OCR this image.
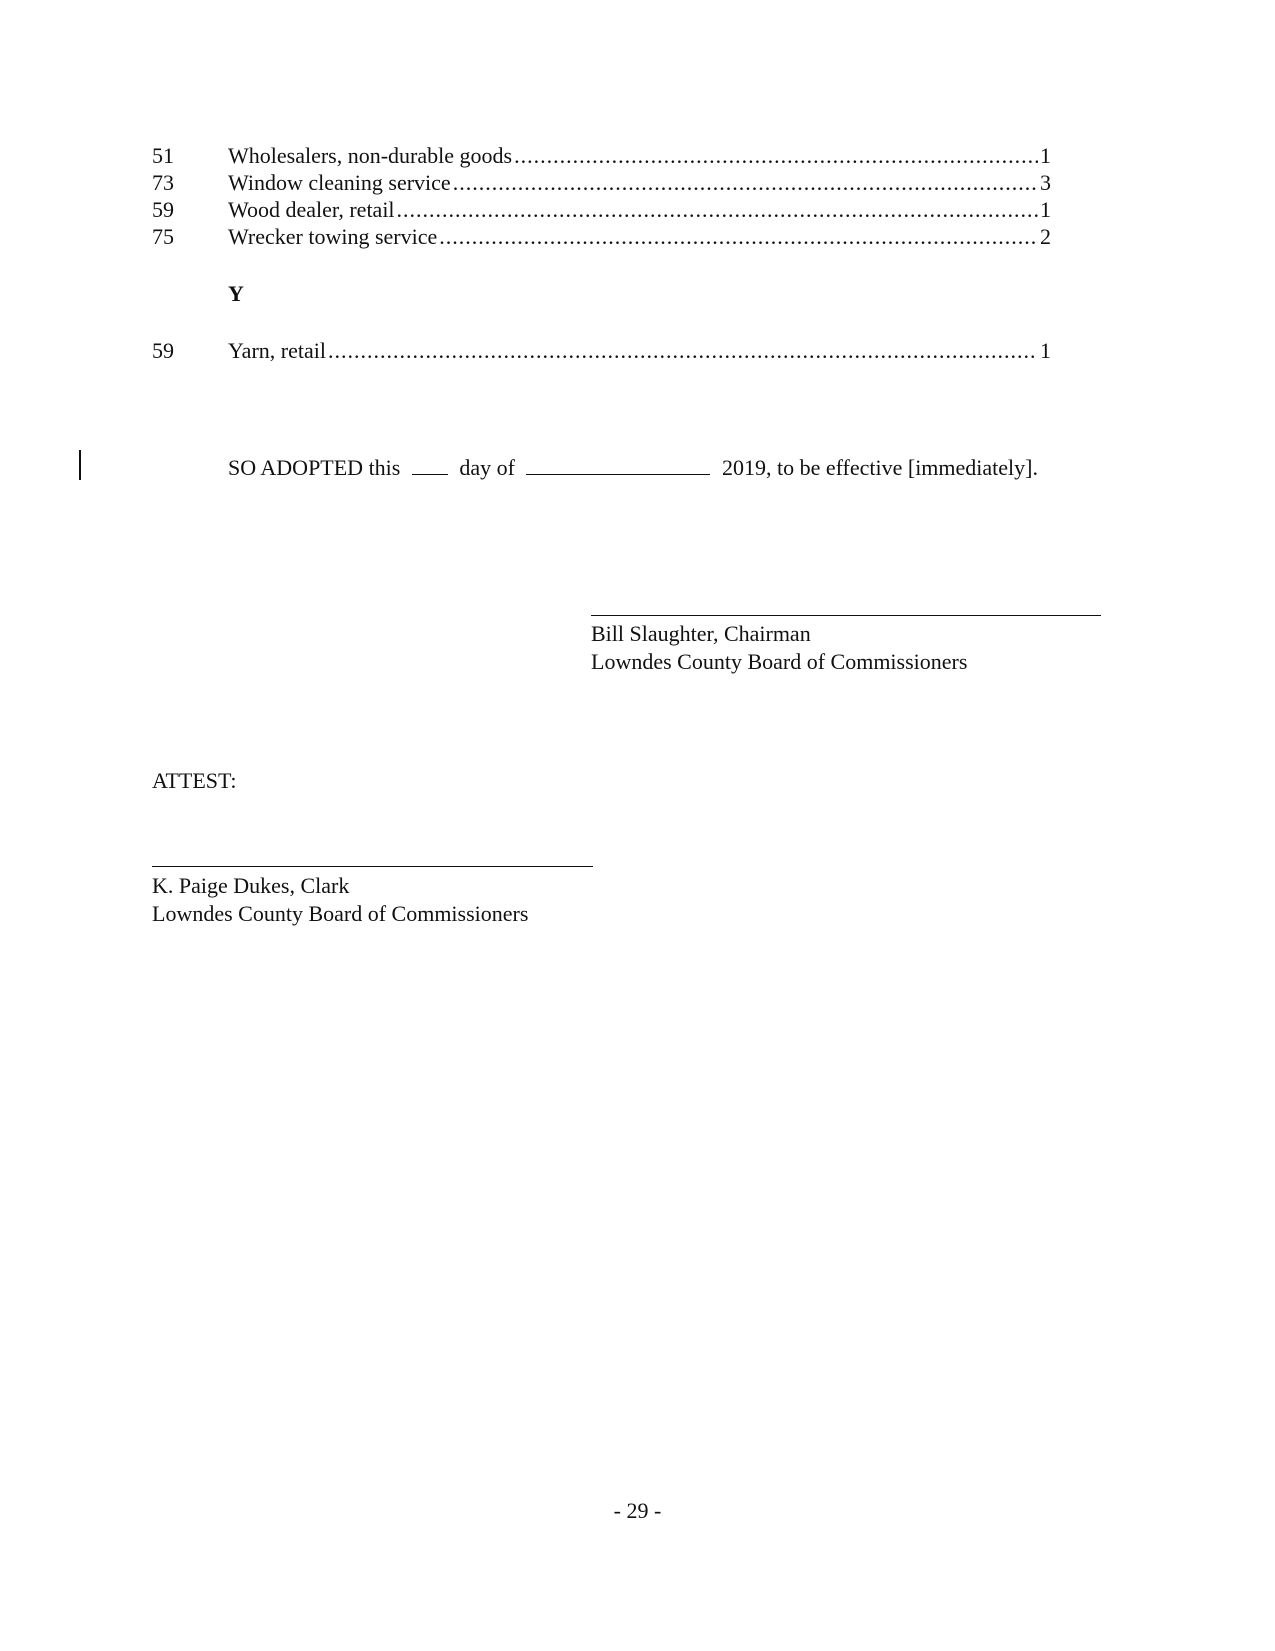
51	Wholesalers, non-durable goods .....	1
73	Window cleaning service .....	3
59	Wood dealer, retail .....	1
75	Wrecker towing service .....	2
Y
59	Yarn, retail .....	1
SO ADOPTED this	day of	2019, to be effective [immediately].
Bill Slaughter, Chairman
Lowndes County Board of Commissioners
ATTEST:
K. Paige Dukes, Clark
Lowndes County Board of Commissioners
- 29 -
